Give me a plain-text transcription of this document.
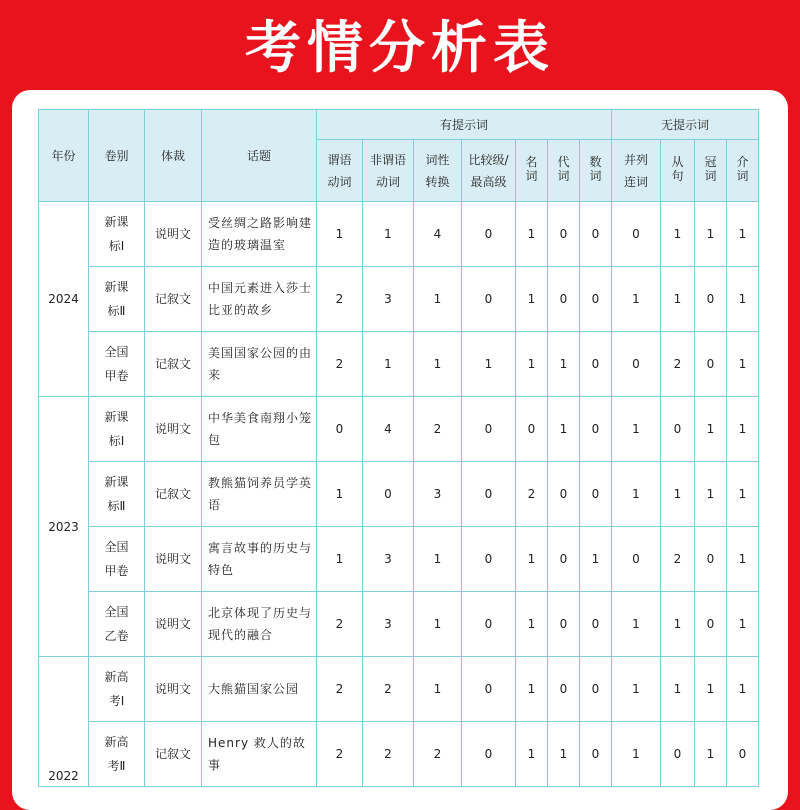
考情分析表
年份	卷别	体裁	话题	有提示词							无提示词			
				谓语动词	非谓语动词	词性转换	比较级/最高级	名词	代词	数词	并列连词	从句	冠词	介词
2024	新课标Ⅰ	说明文	受丝绸之路影响建造的玻璃温室	1	1	4	0	1	0	0	0	1	1	1
	新课标Ⅱ	记叙文	中国元素进入莎士比亚的故乡	2	3	1	0	1	0	0	1	1	0	1
	全国甲卷	记叙文	美国国家公园的由来	2	1	1	1	1	1	0	0	2	0	1
2023	新课标Ⅰ	说明文	中华美食南翔小笼包	0	4	2	0	0	1	0	1	0	1	1
	新课标Ⅱ	记叙文	教熊猫饲养员学英语	1	0	3	0	2	0	0	1	1	1	1
	全国甲卷	说明文	寓言故事的历史与特色	1	3	1	0	1	0	1	0	2	0	1
	全国乙卷	说明文	北京体现了历史与现代的融合	2	3	1	0	1	0	0	1	1	0	1
2022	新高考Ⅰ	说明文	大熊猫国家公园	2	2	1	0	1	0	0	1	1	1	1
	新高考Ⅱ	记叙文	Henry 救人的故事	2	2	2	0	1	1	0	1	0	1	0
